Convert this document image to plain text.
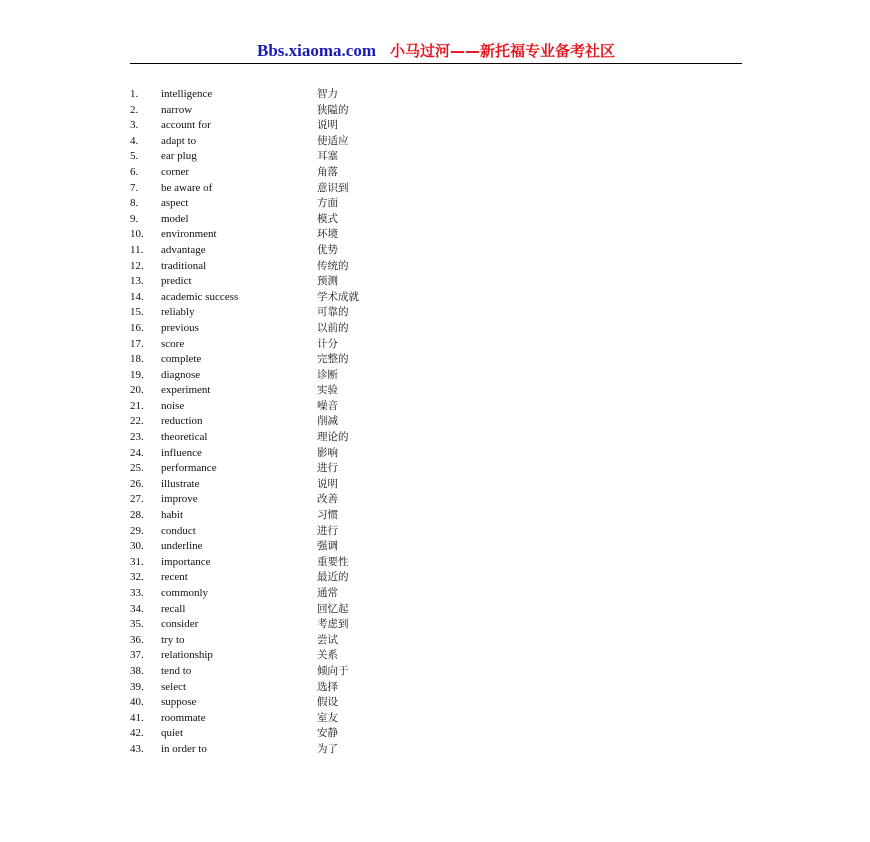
Bbs.xiaoma.com 小马过河——新托福专业备考社区
1.	intelligence	智力
2.	narrow	狭隘的
3.	account for	说明
4.	adapt to	使适应
5.	ear plug	耳塞
6.	corner	角落
7.	be aware of	意识到
8.	aspect	方面
9.	model	模式
10.	environment	环境
11.	advantage	优势
12.	traditional	传统的
13.	predict	预测
14.	academic success	学术成就
15.	reliably	可靠的
16.	previous	以前的
17.	score	计分
18.	complete	完整的
19.	diagnose	诊断
20.	experiment	实验
21.	noise	噪音
22.	reduction	削减
23.	theoretical	理论的
24.	influence	影响
25.	performance	进行
26.	illustrate	说明
27.	improve	改善
28.	habit	习惯
29.	conduct	进行
30.	underline	强调
31.	importance	重要性
32.	recent	最近的
33.	commonly	通常
34.	recall	回忆起
35.	consider	考虑到
36.	try to	尝试
37.	relationship	关系
38.	tend to	倾向于
39.	select	选择
40.	suppose	假设
41.	roommate	室友
42.	quiet	安静
43.	in order to	为了
